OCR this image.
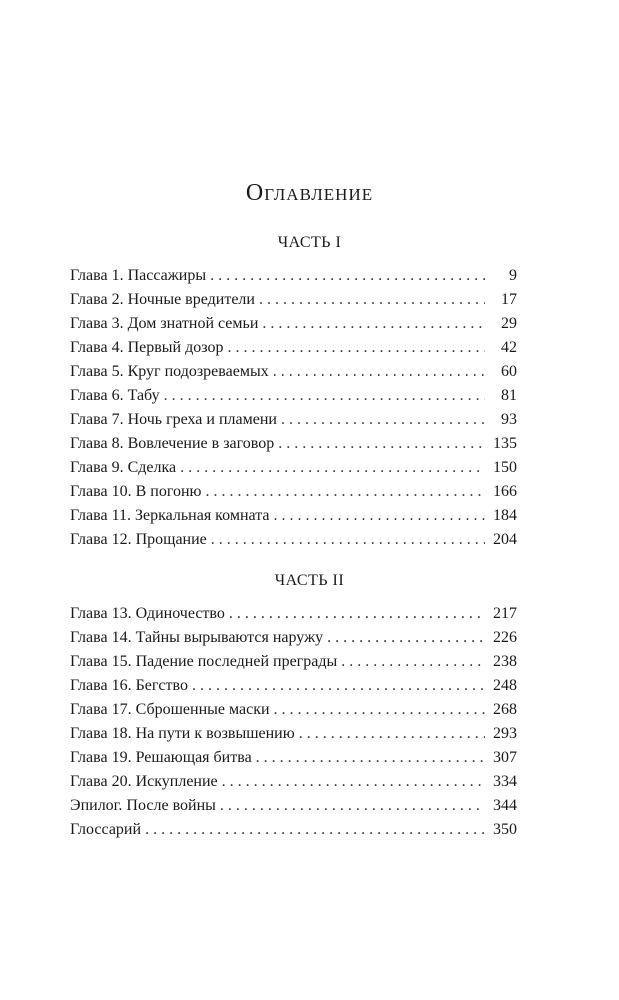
Оглавление
ЧАСТЬ I
Глава 1. Пассажиры . . .	9
Глава 2. Ночные вредители . . .	17
Глава 3. Дом знатной семьи . . .	29
Глава 4. Первый дозор . . .	42
Глава 5. Круг подозреваемых . . .	60
Глава 6. Табу . . .	81
Глава 7. Ночь греха и пламени . . .	93
Глава 8. Вовлечение в заговор . . .	135
Глава 9. Сделка . . .	150
Глава 10. В погоню . . .	166
Глава 11. Зеркальная комната . . .	184
Глава 12. Прощание . . .	204
ЧАСТЬ II
Глава 13. Одиночество . . .	217
Глава 14. Тайны вырываются наружу . . .	226
Глава 15. Падение последней преграды . . .	238
Глава 16. Бегство . . .	248
Глава 17. Сброшенные маски . . .	268
Глава 18. На пути к возвышению . . .	293
Глава 19. Решающая битва . . .	307
Глава 20. Искупление . . .	334
Эпилог. После войны . . .	344
Глоссарий . . .	350
